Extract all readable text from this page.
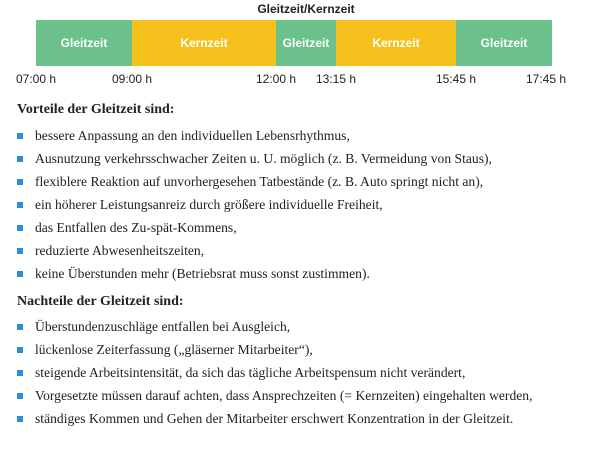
Gleitzeit/Kernzeit
Gleitzeit	Kernzeit	Gleitzeit	Kernzeit	Gleitzeit
07:00 h	09:00 h	12:00 h 13:15 h	15:45 h	17:45 h
Vorteile der Gleitzeit sind:
bessere Anpassung an den individuellen Lebensrhythmus,
Ausnutzung verkehrsschwacher Zeiten u. U. möglich (z. B. Vermeidung von Staus),
flexiblere Reaktion auf unvorhergesehen Tatbestände (z. B. Auto springt nicht an),
ein höherer Leistungsanreiz durch größere individuelle Freiheit,
das Entfallen des Zu-spät-Kommens,
reduzierte Abwesenheitszeiten,
keine Überstunden mehr (Betriebsrat muss sonst zustimmen).
Nachteile der Gleitzeit sind:
Überstundenzuschläge entfallen bei Ausgleich,
lückenlose Zeiterfassung („gläserner Mitarbeiter“),
steigende Arbeitsintensität, da sich das tägliche Arbeitspensum nicht verändert,
Vorgesetzte müssen darauf achten, dass Ansprechzeiten (= Kernzeiten) eingehalten werden,
ständiges Kommen und Gehen der Mitarbeiter erschwert Konzentration in der Gleitzeit.
